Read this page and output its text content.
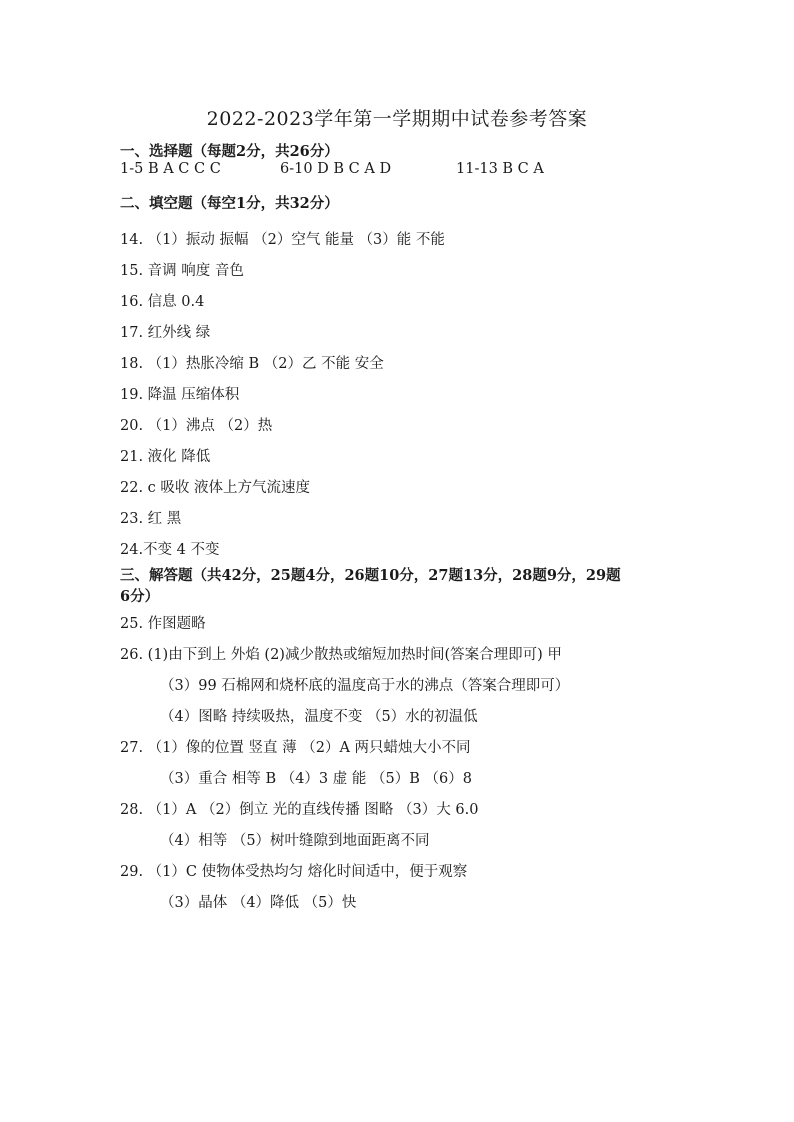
2022-2023学年第一学期期中试卷参考答案
一、选择题（每题2分，共26分）
1-5 B A C C C	6-10 D B C A D	11-13 B C A
二、填空题（每空1分，共32分）
14. （1）振动 振幅 （2）空气 能量 （3）能 不能
15. 音调 响度 音色
16. 信息 0.4
17. 红外线 绿
18. （1）热胀冷缩 B （2）乙 不能 安全
19. 降温 压缩体积
20. （1）沸点 （2）热
21. 液化 降低
22. c 吸收 液体上方气流速度
23. 红 黑
24.不变 4 不变
三、解答题（共42分，25题4分，26题10分，27题13分，28题9分，29题
6分）
25. 作图题略
26. (1)由下到上 外焰 (2)减少散热或缩短加热时间(答案合理即可) 甲
（3）99 石棉网和烧杯底的温度高于水的沸点（答案合理即可）
（4）图略 持续吸热，温度不变 （5）水的初温低
27. （1）像的位置 竖直 薄 （2）A 两只蜡烛大小不同
（3）重合 相等 B （4）3 虚 能 （5）B （6）8
28. （1）A （2）倒立 光的直线传播 图略 （3）大 6.0
（4）相等 （5）树叶缝隙到地面距离不同
29. （1）C 使物体受热均匀 熔化时间适中，便于观察
（3）晶体 （4）降低 （5）快
